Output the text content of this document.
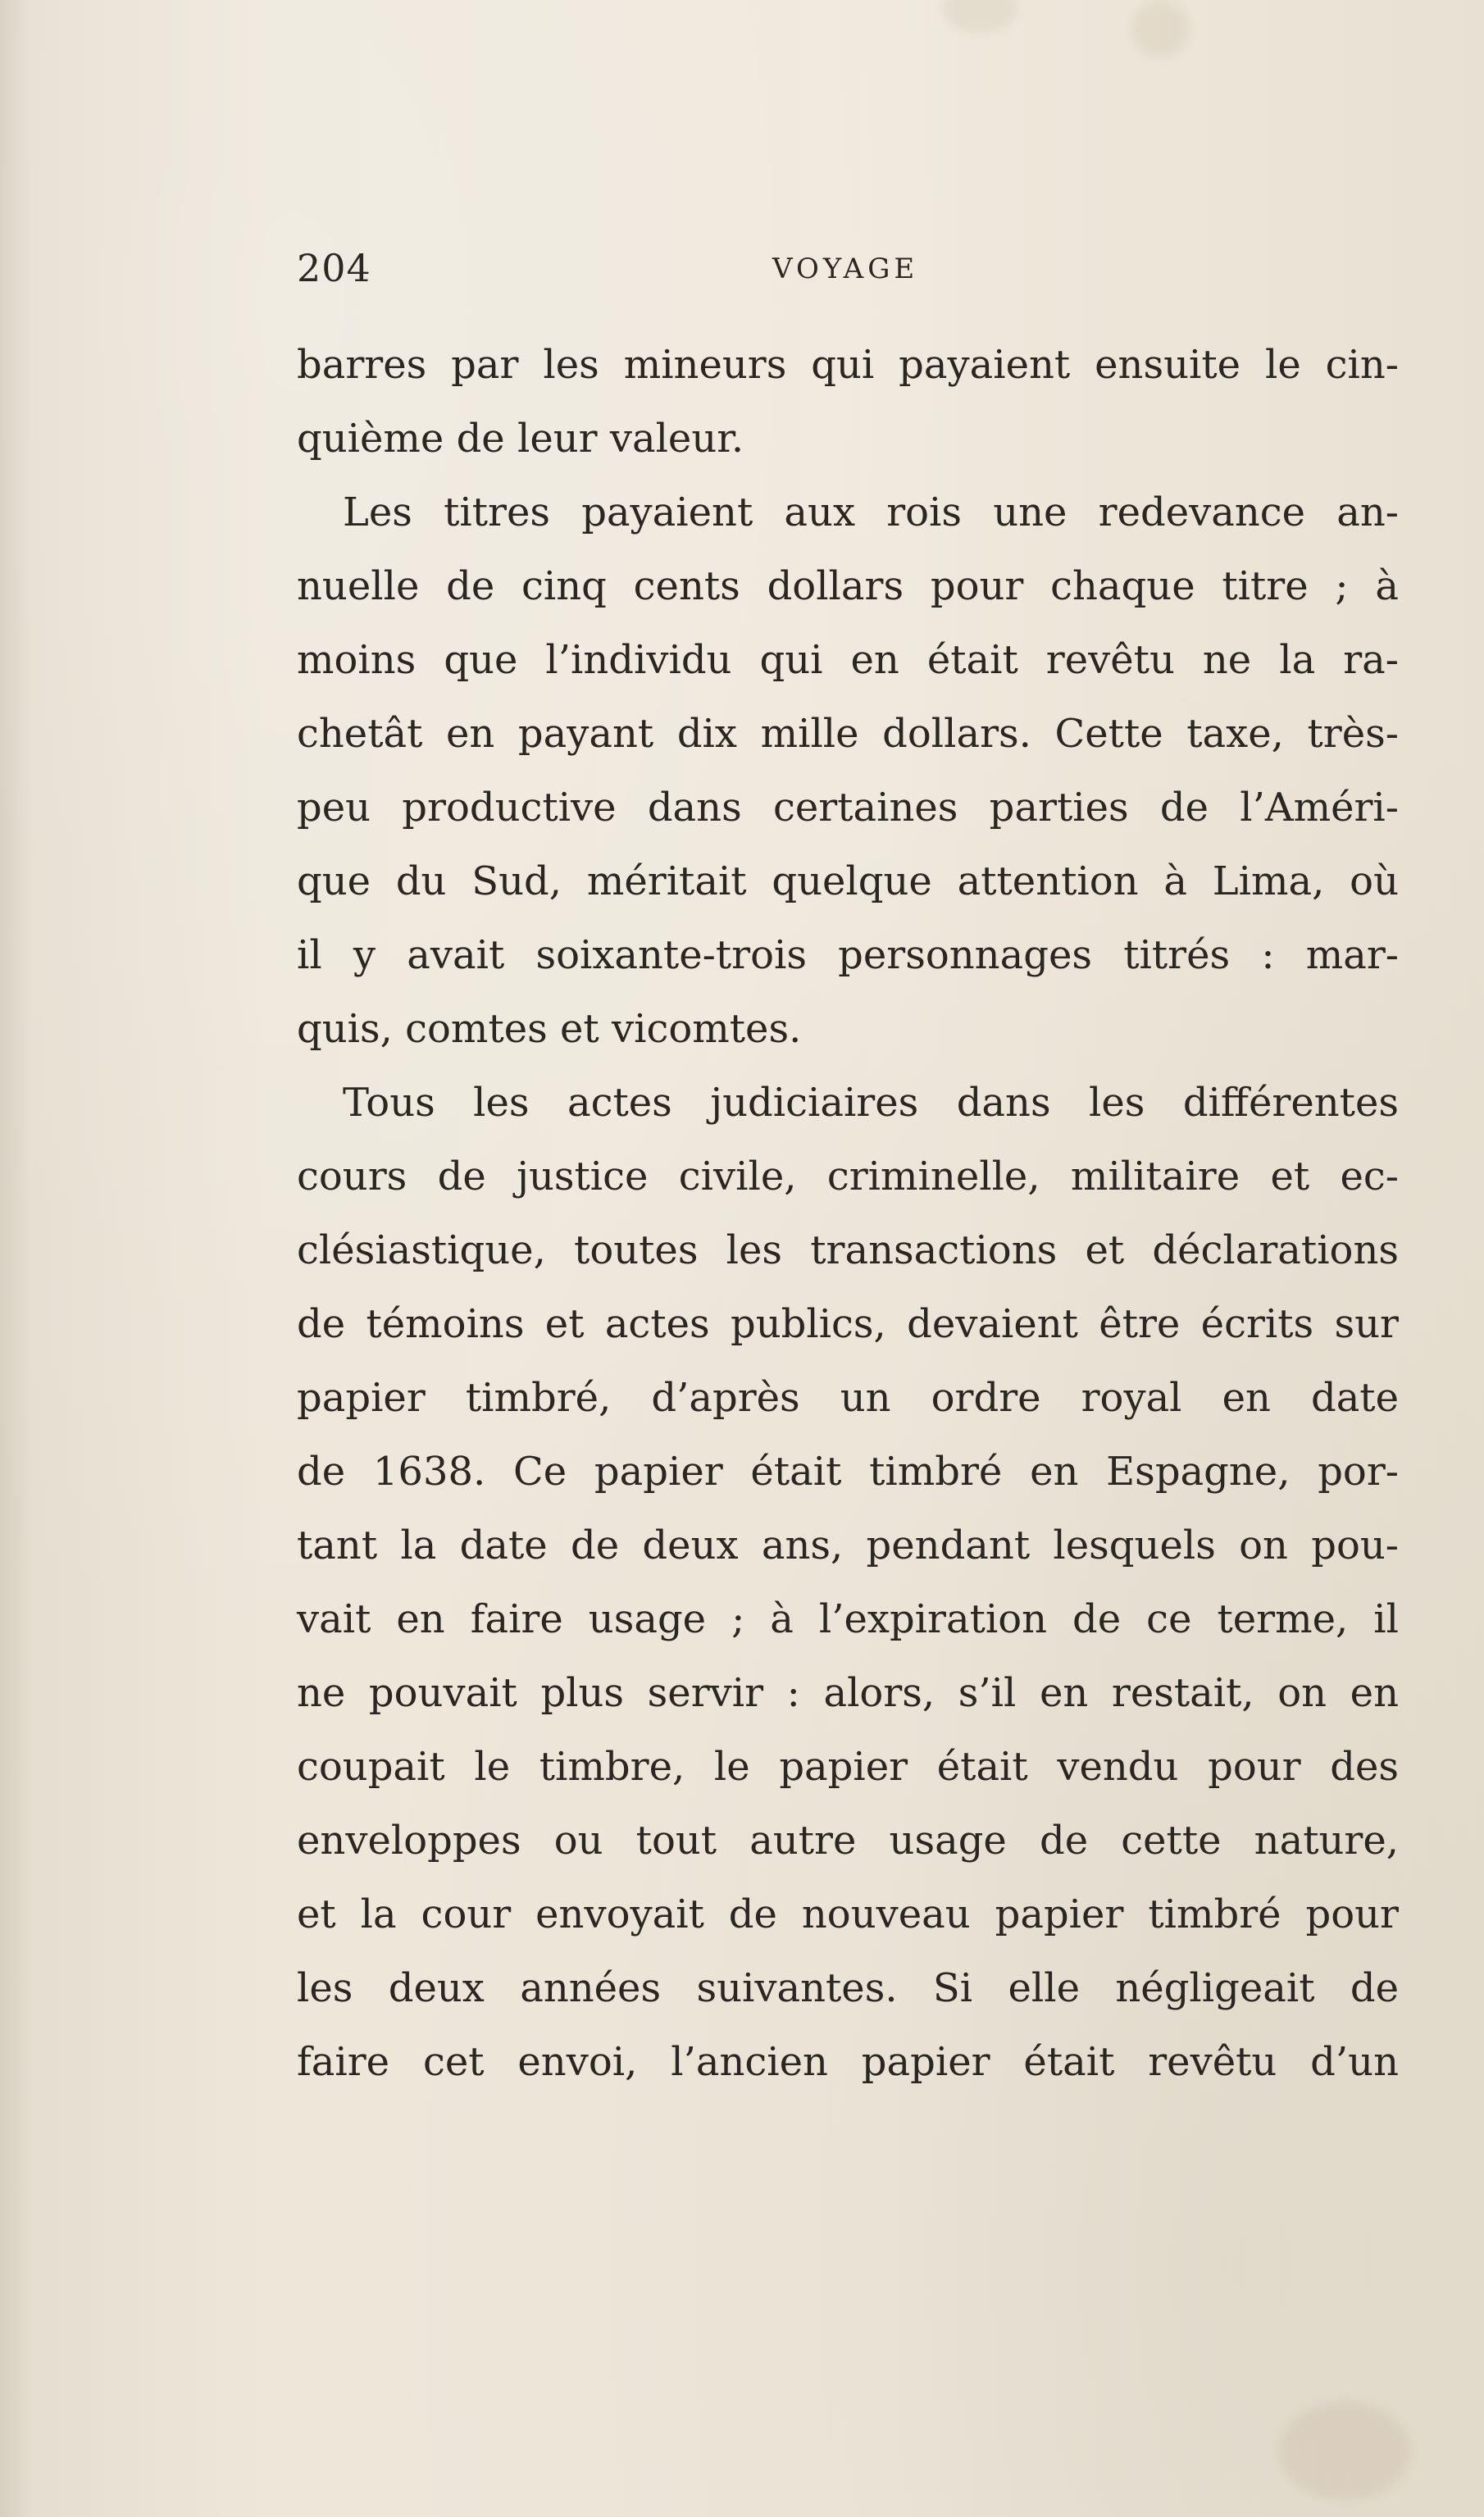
204	VOYAGE
barres par les mineurs qui payaient ensuite le cin-
quième de leur valeur.
Les titres payaient aux rois une redevance an-
nuelle de cinq cents dollars pour chaque titre ; à
moins que l’individu qui en était revêtu ne la ra-
chetât en payant dix mille dollars. Cette taxe, très-
peu productive dans certaines parties de l’Améri-
que du Sud, méritait quelque attention à Lima, où
il y avait soixante-trois personnages titrés : mar-
quis, comtes et vicomtes.
Tous les actes judiciaires dans les différentes
cours de justice civile, criminelle, militaire et ec-
clésiastique, toutes les transactions et déclarations
de témoins et actes publics, devaient être écrits sur
papier timbré, d’après un ordre royal en date
de 1638. Ce papier était timbré en Espagne, por-
tant la date de deux ans, pendant lesquels on pou-
vait en faire usage ; à l’expiration de ce terme, il
ne pouvait plus servir : alors, s’il en restait, on en
coupait le timbre, le papier était vendu pour des
enveloppes ou tout autre usage de cette nature,
et la cour envoyait de nouveau papier timbré pour
les deux années suivantes. Si elle négligeait de
faire cet envoi, l’ancien papier était revêtu d’un
